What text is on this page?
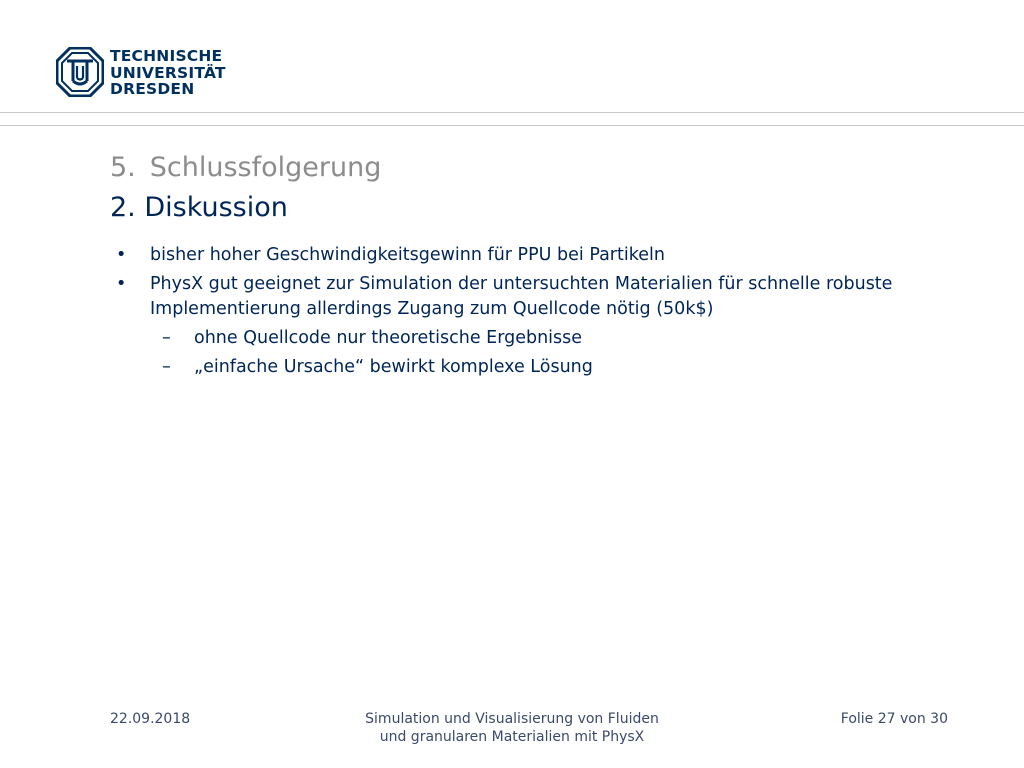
TECHNISCHE
UNIVERSITÄT
DRESDEN
5. Schlussfolgerung
2. Diskussion
• bisher hoher Geschwindigkeitsgewinn für PPU bei Partikeln
• PhysX gut geeignet zur Simulation der untersuchten Materialien für schnelle robuste Implementierung allerdings Zugang zum Quellcode nötig (50k$)
– ohne Quellcode nur theoretische Ergebnisse
– „einfache Ursache“ bewirkt komplexe Lösung
22.09.2018	Simulation und Visualisierung von Fluiden
und granularen Materialien mit PhysX
Folie 27 von 30
